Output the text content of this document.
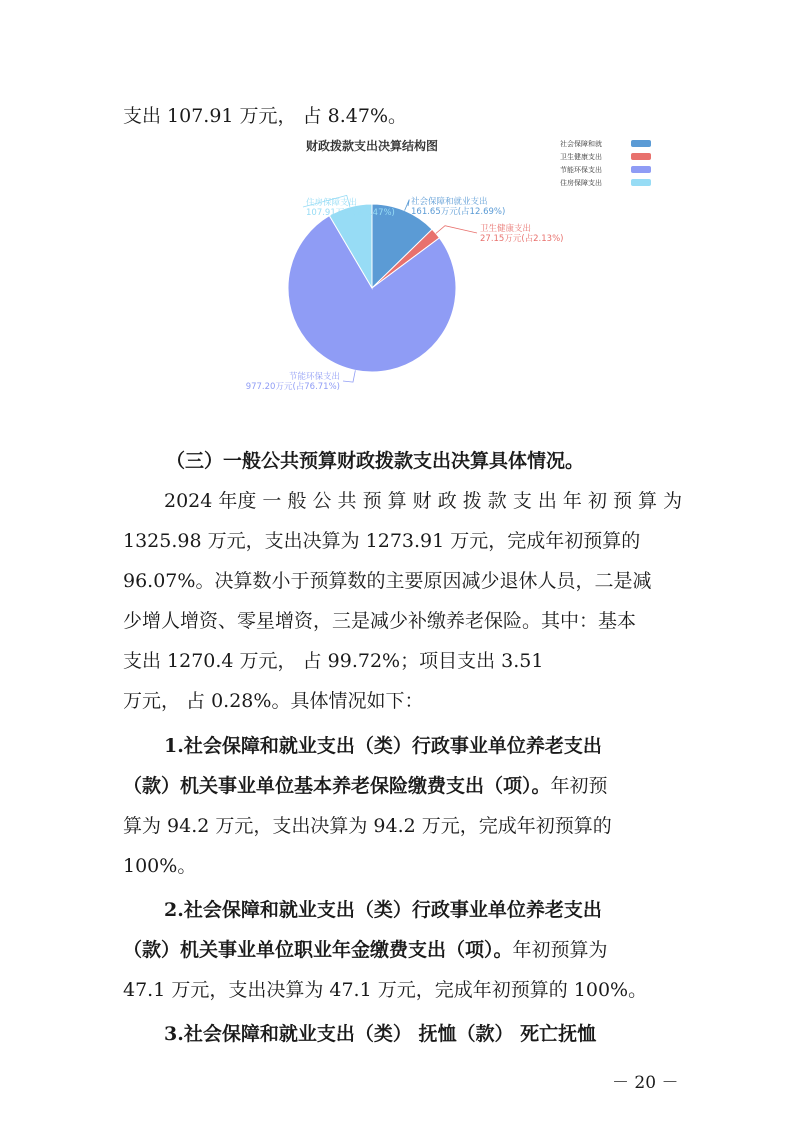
支出 107.91 万元， 占 8.47%。
财政拨款支出决算结构图
社会保障和就业支出
161.65万元(占12.69%)
卫生健康支出
27.15万元(占2.13%)
节能环保支出
977.20万元(占76.71%)
住房保障支出
107.91万元(占8.47%)
社会保障和就
卫生健康支出
节能环保支出
住房保障支出
（三）一般公共预算财政拨款支出决算具体情况。
2024 年度 一 般 公 共 预 算 财 政 拨 款 支 出 年 初 预 算 为
1325.98 万元，支出决算为 1273.91 万元，完成年初预算的
96.07%。决算数小于预算数的主要原因减少退休人员，二是减
少增人增资、零星增资，三是减少补缴养老保险。其中：基本
支出 1270.4 万元， 占 99.72%；项目支出 3.51
万元， 占 0.28%。具体情况如下：
1.社会保障和就业支出（类）行政事业单位养老支出
（款）机关事业单位基本养老保险缴费支出（项）。年初预
算为 94.2 万元，支出决算为 94.2 万元，完成年初预算的
100%。
2.社会保障和就业支出（类）行政事业单位养老支出
（款）机关事业单位职业年金缴费支出（项）。年初预算为
47.1 万元，支出决算为 47.1 万元，完成年初预算的 100%。
3.社会保障和就业支出（类） 抚恤（款） 死亡抚恤
－ 20 －
